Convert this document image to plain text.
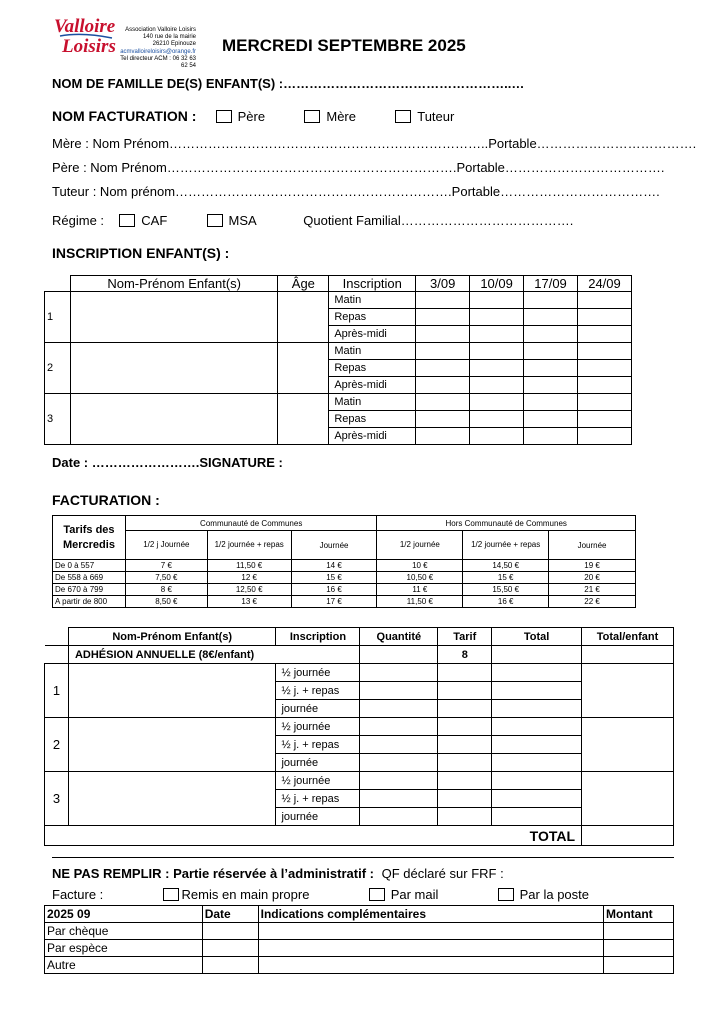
Valloire
Loisirs
Association Valloire Loisirs
140 rue de la mairie
26210 Epinouze
acmvalloireloisirs@orange.fr
Tel directeur ACM : 06 32 63 62 54
MERCREDI SEPTEMBRE 2025
NOM DE FAMILLE DE(S) ENFANT(S) :……………………………………………..…
NOM FACTURATION :	Père	Mère	Tuteur
Mère : Nom Prénom………………………………………………………………..Portable……………………………….
Père : Nom Prénom………………………………………………………….Portable……………………………….
Tuteur : Nom prénom……………………………………………………….Portable……………………………….
Régime :	CAF	MSA	Quotient Familial………………………………….
INSCRIPTION ENFANT(S) :
	Nom-Prénom Enfant(s)	Âge	Inscription	3/09	10/09	17/09	24/09
1			Matin				
			Repas				
			Après-midi				
2			Matin				
			Repas				
			Après-midi				
3			Matin				
			Repas				
			Après-midi				
Date : …………………….SIGNATURE :
FACTURATION :
Tarifs des Mercredis	Communauté de Communes			Hors Communauté de Communes		
	1/2 j Journée	1/2 journée + repas	Journée	1/2 journée	1/2 journée + repas	Journée
De 0 à 557	7 €	11,50 €	14 €	10 €	14,50 €	19 €
De 558 à 669	7,50 €	12 €	15 €	10,50 €	15 €	20 €
De 670 à 799	8 €	12,50 €	16 €	11 €	15,50 €	21 €
A partir de 800	8,50 €	13 €	17 €	11,50 €	16 €	22 €
	Nom-Prénom Enfant(s)	Inscription	Quantité	Tarif	Total	Total/enfant
	ADHÉSION ANNUELLE (8€/enfant)			8		
1		½ journée				
		½ j. + repas				
		journée				
2		½ journée				
		½ j. + repas				
		journée				
3		½ journée				
		½ j. + repas				
		journée				
TOTAL						
NE PAS REMPLIR : Partie réservée à l’administratif : QF déclaré sur FRF :
Facture :	Remis en main propre	Par mail	Par la poste
2025 09	Date	Indications complémentaires	Montant
Par chèque			
Par espèce			
Autre			
